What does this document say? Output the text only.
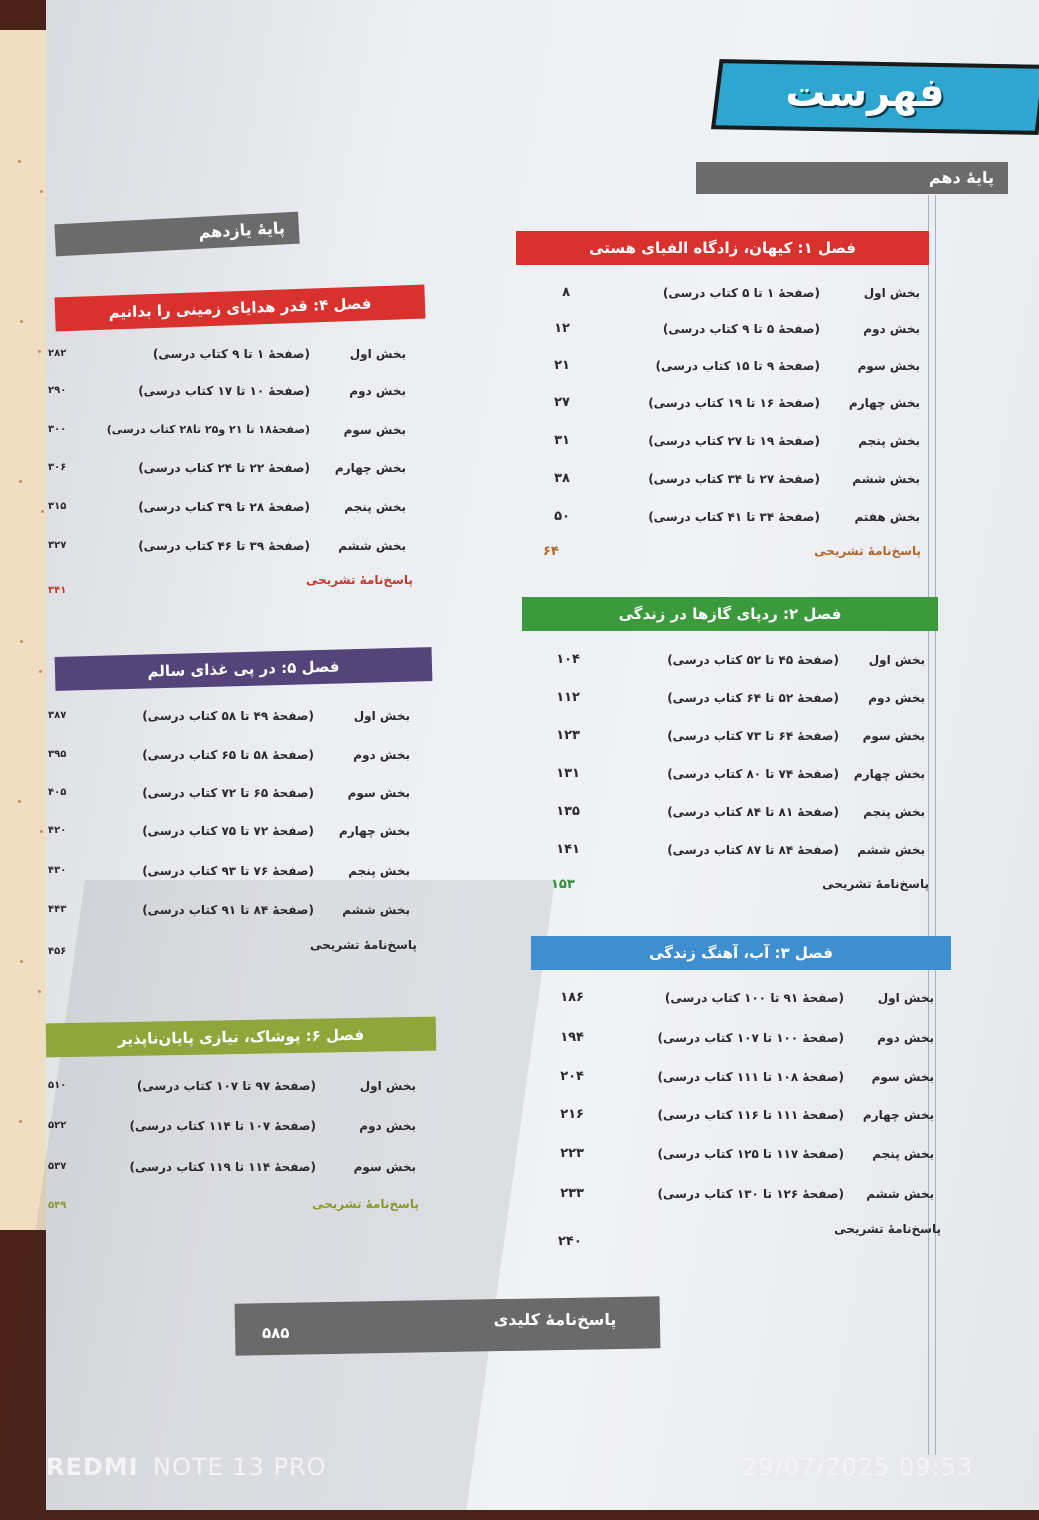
فهرست
پایهٔ دهم
پایهٔ یازدهم
فصل ۱: کیهان، زادگاه الفبای هستی
بخش اول
(صفحهٔ ۱ تا ۵ کتاب درسی)
۸
بخش دوم
(صفحهٔ ۵ تا ۹ کتاب درسی)
۱۲
بخش سوم
(صفحهٔ ۹ تا ۱۵ کتاب درسی)
۲۱
بخش چهارم
(صفحهٔ ۱۶ تا ۱۹ کتاب درسی)
۲۷
بخش پنجم
(صفحهٔ ۱۹ تا ۲۷ کتاب درسی)
۳۱
بخش ششم
(صفحهٔ ۲۷ تا ۳۴ کتاب درسی)
۳۸
بخش هفتم
(صفحهٔ ۳۴ تا ۴۱ کتاب درسی)
۵۰
پاسخ‌نامهٔ تشریحی
۶۴
فصل ۲: ردپای گازها در زندگی
بخش اول
(صفحهٔ ۴۵ تا ۵۲ کتاب درسی)
۱۰۴
بخش دوم
(صفحهٔ ۵۲ تا ۶۴ کتاب درسی)
۱۱۲
بخش سوم
(صفحهٔ ۶۴ تا ۷۳ کتاب درسی)
۱۲۳
بخش چهارم
(صفحهٔ ۷۴ تا ۸۰ کتاب درسی)
۱۳۱
بخش پنجم
(صفحهٔ ۸۱ تا ۸۴ کتاب درسی)
۱۳۵
بخش ششم
(صفحهٔ ۸۴ تا ۸۷ کتاب درسی)
۱۴۱
پاسخ‌نامهٔ تشریحی
۱۵۳
فصل ۳: آب، آهنگ زندگی
بخش اول
(صفحهٔ ۹۱ تا ۱۰۰ کتاب درسی)
۱۸۶
بخش دوم
(صفحهٔ ۱۰۰ تا ۱۰۷ کتاب درسی)
۱۹۴
بخش سوم
(صفحهٔ ۱۰۸ تا ۱۱۱ کتاب درسی)
۲۰۴
بخش چهارم
(صفحهٔ ۱۱۱ تا ۱۱۶ کتاب درسی)
۲۱۶
بخش پنجم
(صفحهٔ ۱۱۷ تا ۱۲۵ کتاب درسی)
۲۲۳
بخش ششم
(صفحهٔ ۱۲۶ تا ۱۳۰ کتاب درسی)
۲۳۳
پاسخ‌نامهٔ تشریحی
۲۴۰
فصل ۴: قدر هدایای زمینی را بدانیم
بخش اول
(صفحهٔ ۱ تا ۹ کتاب درسی)
۲۸۲
بخش دوم
(صفحهٔ ۱۰ تا ۱۷ کتاب درسی)
۲۹۰
بخش سوم
(صفحهٔ۱۸ تا ۲۱ و۲۵ تا۲۸ کتاب درسی)
۳۰۰
بخش چهارم
(صفحهٔ ۲۲ تا ۲۴ کتاب درسی)
۳۰۶
بخش پنجم
(صفحهٔ ۲۸ تا ۳۹ کتاب درسی)
۳۱۵
بخش ششم
(صفحهٔ ۳۹ تا ۴۶ کتاب درسی)
۳۲۷
پاسخ‌نامهٔ تشریحی
۳۴۱
فصل ۵: در پی غذای سالم
بخش اول
(صفحهٔ ۴۹ تا ۵۸ کتاب درسی)
۳۸۷
بخش دوم
(صفحهٔ ۵۸ تا ۶۵ کتاب درسی)
۳۹۵
بخش سوم
(صفحهٔ ۶۵ تا ۷۲ کتاب درسی)
۴۰۵
بخش چهارم
(صفحهٔ ۷۲ تا ۷۵ کتاب درسی)
۴۲۰
بخش پنجم
(صفحهٔ ۷۶ تا ۹۳ کتاب درسی)
۴۳۰
بخش ششم
(صفحهٔ ۸۴ تا ۹۱ کتاب درسی)
۴۴۳
پاسخ‌نامهٔ تشریحی
۴۵۶
فصل ۶: پوشاک، نیازی پایان‌ناپذیر
بخش اول
(صفحهٔ ۹۷ تا ۱۰۷ کتاب درسی)
۵۱۰
بخش دوم
(صفحهٔ ۱۰۷ تا ۱۱۴ کتاب درسی)
۵۲۲
بخش سوم
(صفحهٔ ۱۱۴ تا ۱۱۹ کتاب درسی)
۵۳۷
پاسخ‌نامهٔ تشریحی
۵۴۹
پاسخ‌نامهٔ کلیدی
۵۸۵
REDMI NOTE 13 PRO	29/07/2025 09:53
